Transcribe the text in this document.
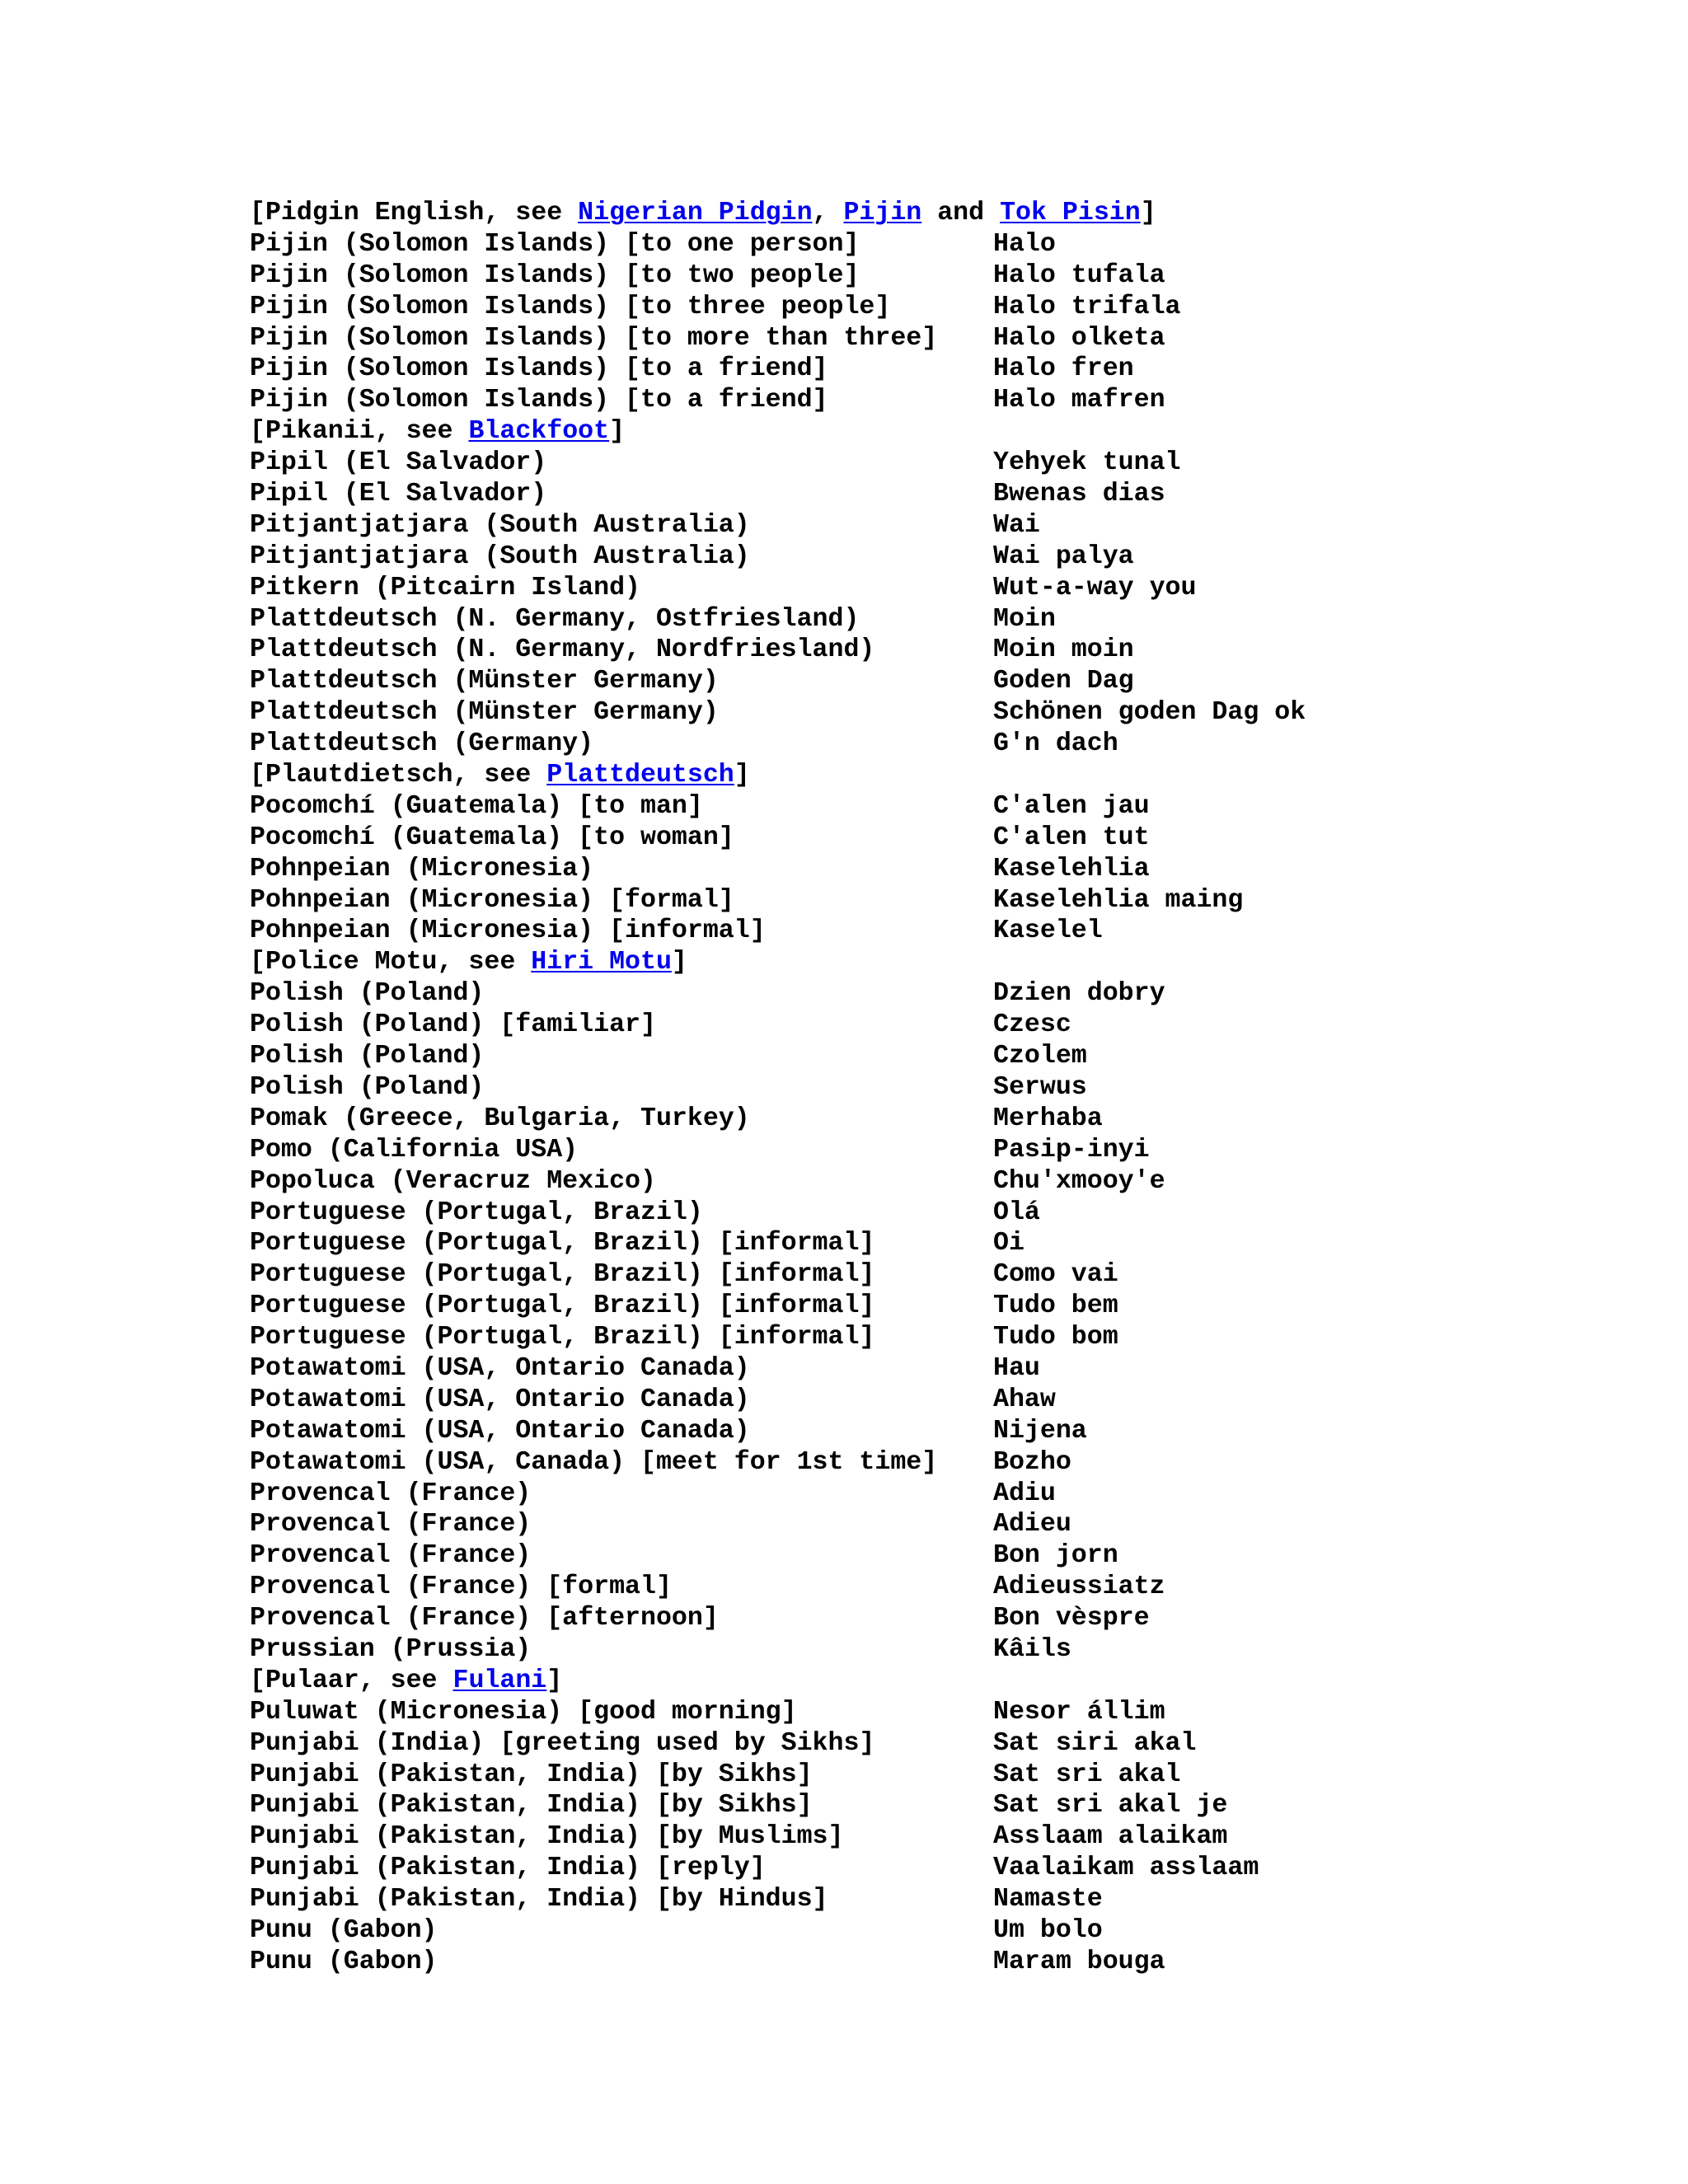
[Pidgin English, see Nigerian Pidgin, Pijin and Tok Pisin]
Pijin (Solomon Islands) [to one person]	Halo
Pijin (Solomon Islands) [to two people]	Halo tufala
Pijin (Solomon Islands) [to three people]	Halo trifala
Pijin (Solomon Islands) [to more than three]	Halo olketa
Pijin (Solomon Islands) [to a friend]	Halo fren
Pijin (Solomon Islands) [to a friend]	Halo mafren
[Pikanii, see Blackfoot]
Pipil (El Salvador)	Yehyek tunal
Pipil (El Salvador)	Bwenas dias
Pitjantjatjara (South Australia)	Wai
Pitjantjatjara (South Australia)	Wai palya
Pitkern (Pitcairn Island)	Wut-a-way you
Plattdeutsch (N. Germany, Ostfriesland)	Moin
Plattdeutsch (N. Germany, Nordfriesland)	Moin moin
Plattdeutsch (Münster Germany)	Goden Dag
Plattdeutsch (Münster Germany)	Schönen goden Dag ok
Plattdeutsch (Germany)	G'n dach
[Plautdietsch, see Plattdeutsch]
Pocomchí (Guatemala) [to man]	C'alen jau
Pocomchí (Guatemala) [to woman]	C'alen tut
Pohnpeian (Micronesia)	Kaselehlia
Pohnpeian (Micronesia) [formal]	Kaselehlia maing
Pohnpeian (Micronesia) [informal]	Kaselel
[Police Motu, see Hiri Motu]
Polish (Poland)	Dzien dobry
Polish (Poland) [familiar]	Czesc
Polish (Poland)	Czolem
Polish (Poland)	Serwus
Pomak (Greece, Bulgaria, Turkey)	Merhaba
Pomo (California USA)	Pasip-inyi
Popoluca (Veracruz Mexico)	Chu'xmooy'e
Portuguese (Portugal, Brazil)	Olá
Portuguese (Portugal, Brazil) [informal]	Oi
Portuguese (Portugal, Brazil) [informal]	Como vai
Portuguese (Portugal, Brazil) [informal]	Tudo bem
Portuguese (Portugal, Brazil) [informal]	Tudo bom
Potawatomi (USA, Ontario Canada)	Hau
Potawatomi (USA, Ontario Canada)	Ahaw
Potawatomi (USA, Ontario Canada)	Nijena
Potawatomi (USA, Canada) [meet for 1st time]	Bozho
Provencal (France)	Adiu
Provencal (France)	Adieu
Provencal (France)	Bon jorn
Provencal (France) [formal]	Adieussiatz
Provencal (France) [afternoon]	Bon vèspre
Prussian (Prussia)	Kâils
[Pulaar, see Fulani]
Puluwat (Micronesia) [good morning]	Nesor állim
Punjabi (India) [greeting used by Sikhs]	Sat siri akal
Punjabi (Pakistan, India) [by Sikhs]	Sat sri akal
Punjabi (Pakistan, India) [by Sikhs]	Sat sri akal je
Punjabi (Pakistan, India) [by Muslims]	Asslaam alaikam
Punjabi (Pakistan, India) [reply]	Vaalaikam asslaam
Punjabi (Pakistan, India) [by Hindus]	Namaste
Punu (Gabon)	Um bolo
Punu (Gabon)	Maram bouga
